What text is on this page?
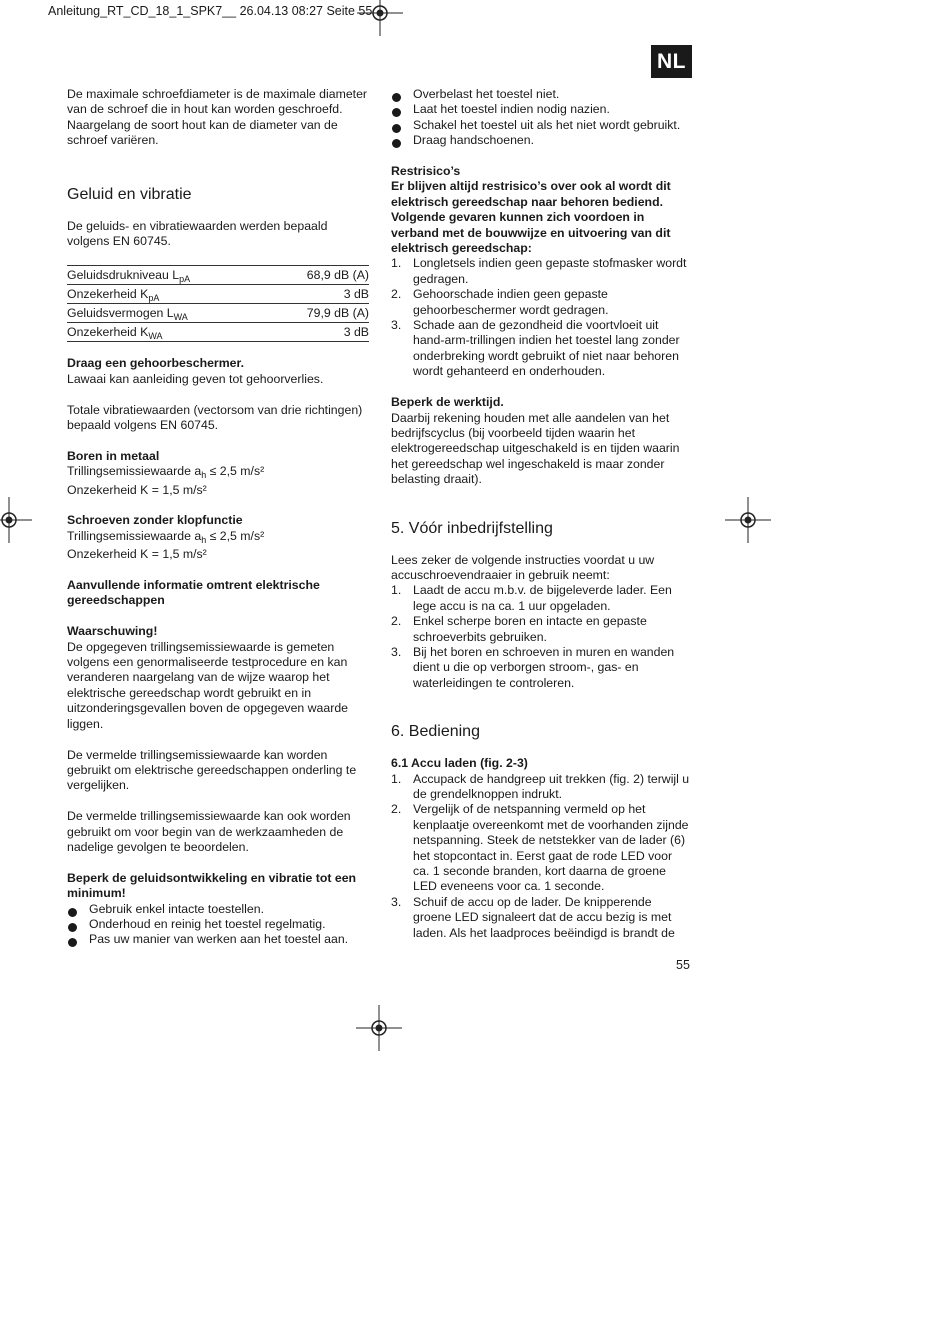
Anleitung_RT_CD_18_1_SPK7__ 26.04.13 08:27 Seite 55
NL

De maximale schroefdiameter is de maximale diameter van de schroef die in hout kan worden geschroefd. Naargelang de soort hout kan de diameter van de schroef variëren.

Geluid en vibratie

De geluids- en vibratiewaarden werden bepaald volgens EN 60745.

Geluidsdrukniveau $L_{pA}$	68,9 dB (A)
Onzekerheid $K_{pA}$	3 dB
Geluidsvermogen $L_{WA}$	79,9 dB (A)
Onzekerheid $K_{WA}$	3 dB

Draag een gehoorbeschermer.

Lawaai kan aanleiding geven tot gehoorverlies.

Totale vibratiewaarden (vectorsom van drie richtingen) bepaald volgens EN 60745.

Boren in metaal

Trillingsemissiewaarde $a_h \le 2,5$ m/s²

Onzekerheid K = 1,5 m/s²

Schroeven zonder klopfunctie

Trillingsemissiewaarde $a_h \le 2,5$ m/s²

Onzekerheid K = 1,5 m/s²

Aanvullende informatie omtrent elektrische gereedschappen

Waarschuwing!

De opgegeven trillingsemissiewaarde is gemeten volgens een genormaliseerde testprocedure en kan veranderen naargelang van de wijze waarop het elektrische gereedschap wordt gebruikt en in uitzonderingsgevallen boven de opgegeven waarde liggen.

De vermelde trillingsemissiewaarde kan worden gebruikt om elektrische gereedschappen onderling te vergelijken.

De vermelde trillingsemissiewaarde kan ook worden gebruikt om voor begin van de werkzaamheden de nadelige gevolgen te beoordelen.

Beperk de geluidsontwikkeling en vibratie tot een minimum!

Gebruik enkel intacte toestellen.
Onderhoud en reinig het toestel regelmatig.
Pas uw manier van werken aan het toestel aan.
Overbelast het toestel niet.
Laat het toestel indien nodig nazien.
Schakel het toestel uit als het niet wordt gebruikt.
Draag handschoenen.

Restrisico’s

Er blijven altijd restrisico’s over ook al wordt dit elektrisch gereedschap naar behoren bediend. Volgende gevaren kunnen zich voordoen in verband met de bouwwijze en uitvoering van dit elektrisch gereedschap:

1. Longletsels indien geen gepaste stofmasker wordt gedragen.
2. Gehoorschade indien geen gepaste gehoorbeschermer wordt gedragen.
3. Schade aan de gezondheid die voortvloeit uit hand-arm-trillingen indien het toestel lang zonder onderbreking wordt gebruikt of niet naar behoren wordt gehanteerd en onderhouden.

Beperk de werktijd.

Daarbij rekening houden met alle aandelen van het bedrijfscyclus (bij voorbeeld tijden waarin het elektrogereedschap uitgeschakeld is en tijden waarin het gereedschap wel ingeschakeld is maar zonder belasting draait).

5. Vóór inbedrijfstelling

Lees zeker de volgende instructies voordat u uw accuschroevendraaier in gebruik neemt:

1. Laadt de accu m.b.v. de bijgeleverde lader. Een lege accu is na ca. 1 uur opgeladen.
2. Enkel scherpe boren en intacte en gepaste schroeverbits gebruiken.
3. Bij het boren en schroeven in muren en wanden dient u die op verborgen stroom-, gas- en waterleidingen te controleren.
6. Bediening

6.1 Accu laden (fig. 2-3)

1. Accupack de handgreep uit trekken (fig. 2) terwijl u de grendelknoppen indrukt.
2. Vergelijk of de netspanning vermeld op het kenplaatje overeenkomt met de voorhanden zijnde netspanning. Steek de netstekker van de lader (6) het stopcontact in. Eerst gaat de rode LED voor ca. 1 seconde branden, kort daarna de groene LED eveneens voor ca. 1 seconde.
3. Schuif de accu op de lader. De knipperende groene LED signaleert dat de accu bezig is met laden. Als het laadproces beëindigd is brandt de
55
